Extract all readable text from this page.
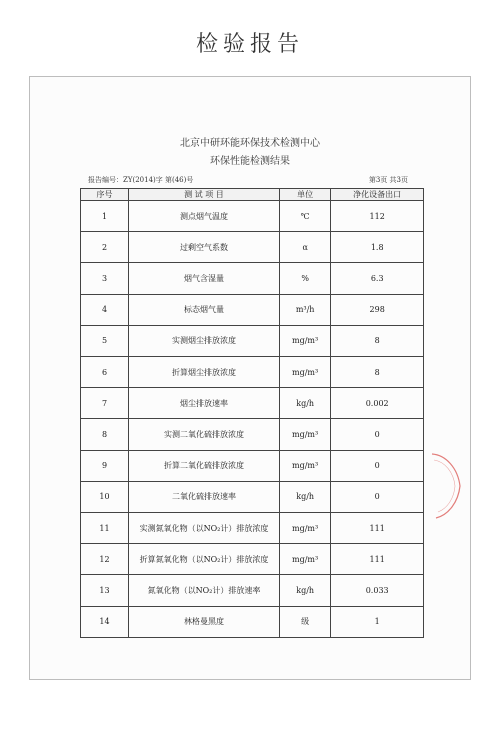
检验报告
北京中研环能环保技术检测中心
环保性能检测结果
报告编号：ZY(2014)字 第(46)号	第3页 共3页
序号	测 试 项 目	单位	净化设备出口
1	测点烟气温度	℃	112
2	过剩空气系数	α	1.8
3	烟气含湿量	%	6.3
4	标态烟气量	m³/h	298
5	实测烟尘排放浓度	mg/m³	8
6	折算烟尘排放浓度	mg/m³	8
7	烟尘排放速率	kg/h	0.002
8	实测二氧化硫排放浓度	mg/m³	0
9	折算二氧化硫排放浓度	mg/m³	0
10	二氧化硫排放速率	kg/h	0
11	实测氮氧化物（以NO₂计）排放浓度	mg/m³	111
12	折算氮氧化物（以NO₂计）排放浓度	mg/m³	111
13	氮氧化物（以NO₂计）排放速率	kg/h	0.033
14	林格曼黑度	级	1
